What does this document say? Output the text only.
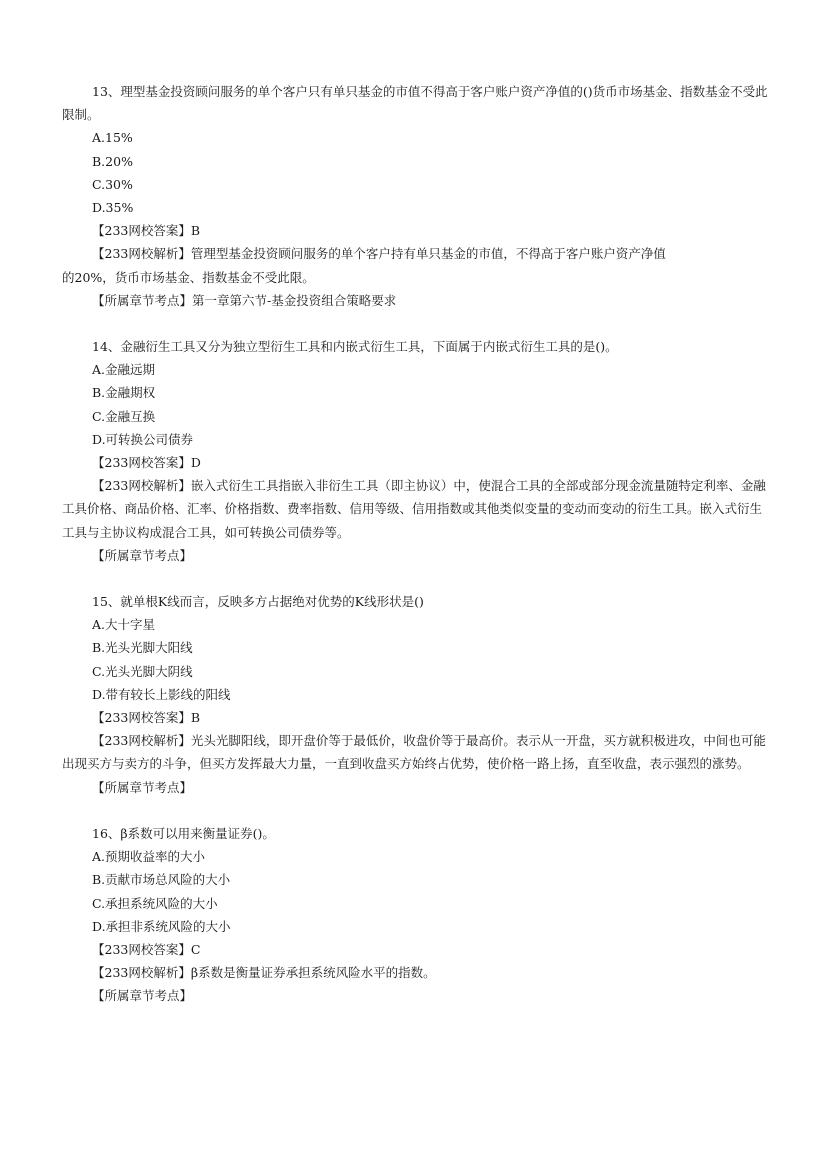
13、理型基金投资顾问服务的单个客户只有单只基金的市值不得高于客户账户资产净值的()货币市场基金、指数基金不受此限制。
A.15%
B.20%
C.30%
D.35%
【233网校答案】B
【233网校解析】管理型基金投资顾问服务的单个客户持有单只基金的市值，不得高于客户账户资产净值
的20%，货币市场基金、指数基金不受此限。
【所属章节考点】第一章第六节-基金投资组合策略要求
14、金融衍生工具又分为独立型衍生工具和内嵌式衍生工具，下面属于内嵌式衍生工具的是()。
A.金融远期
B.金融期权
C.金融互换
D.可转换公司债券
【233网校答案】D
【233网校解析】嵌入式衍生工具指嵌入非衍生工具（即主协议）中，使混合工具的全部或部分现金流量随特定利率、金融工具价格、商品价格、汇率、价格指数、费率指数、信用等级、信用指数或其他类似变量的变动而变动的衍生工具。嵌入式衍生工具与主协议构成混合工具，如可转换公司债券等。
【所属章节考点】
15、就单根K线而言，反映多方占据绝对优势的K线形状是()
A.大十字星
B.光头光脚大阳线
C.光头光脚大阴线
D.带有较长上影线的阳线
【233网校答案】B
【233网校解析】光头光脚阳线，即开盘价等于最低价，收盘价等于最高价。表示从一开盘，买方就积极进攻，中间也可能出现买方与卖方的斗争，但买方发挥最大力量，一直到收盘买方始终占优势，使价格一路上扬，直至收盘，表示强烈的涨势。
【所属章节考点】
16、β系数可以用来衡量证券()。
A.预期收益率的大小
B.贡献市场总风险的大小
C.承担系统风险的大小
D.承担非系统风险的大小
【233网校答案】C
【233网校解析】β系数是衡量证券承担系统风险水平的指数。
【所属章节考点】
